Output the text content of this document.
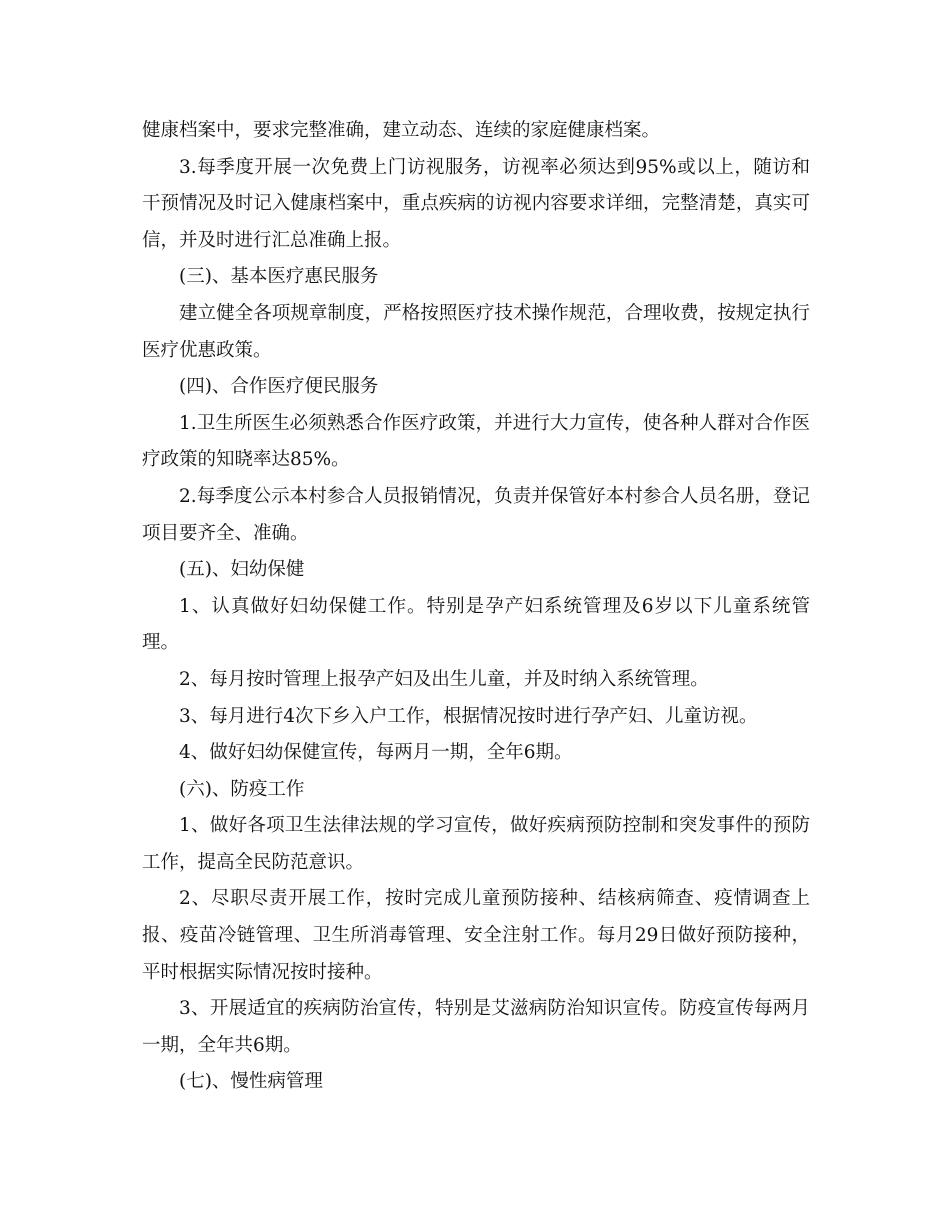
健康档案中，要求完整准确，建立动态、连续的家庭健康档案。

3.每季度开展一次免费上门访视服务，访视率必须达到95%或以上，随访和干预情况及时记入健康档案中，重点疾病的访视内容要求详细，完整清楚，真实可信，并及时进行汇总准确上报。

(三)、基本医疗惠民服务

建立健全各项规章制度，严格按照医疗技术操作规范，合理收费，按规定执行医疗优惠政策。

(四)、合作医疗便民服务

1.卫生所医生必须熟悉合作医疗政策，并进行大力宣传，使各种人群对合作医疗政策的知晓率达85%。

2.每季度公示本村参合人员报销情况，负责并保管好本村参合人员名册，登记项目要齐全、准确。

(五)、妇幼保健

1、认真做好妇幼保健工作。特别是孕产妇系统管理及6岁以下儿童系统管理。

2、每月按时管理上报孕产妇及出生儿童，并及时纳入系统管理。

3、每月进行4次下乡入户工作，根据情况按时进行孕产妇、儿童访视。

4、做好妇幼保健宣传，每两月一期，全年6期。

(六)、防疫工作

1、做好各项卫生法律法规的学习宣传，做好疾病预防控制和突发事件的预防工作，提高全民防范意识。

2、尽职尽责开展工作，按时完成儿童预防接种、结核病筛查、疫情调查上报、疫苗冷链管理、卫生所消毒管理、安全注射工作。每月29日做好预防接种，平时根据实际情况按时接种。

3、开展适宜的疾病防治宣传，特别是艾滋病防治知识宣传。防疫宣传每两月一期，全年共6期。

(七)、慢性病管理
